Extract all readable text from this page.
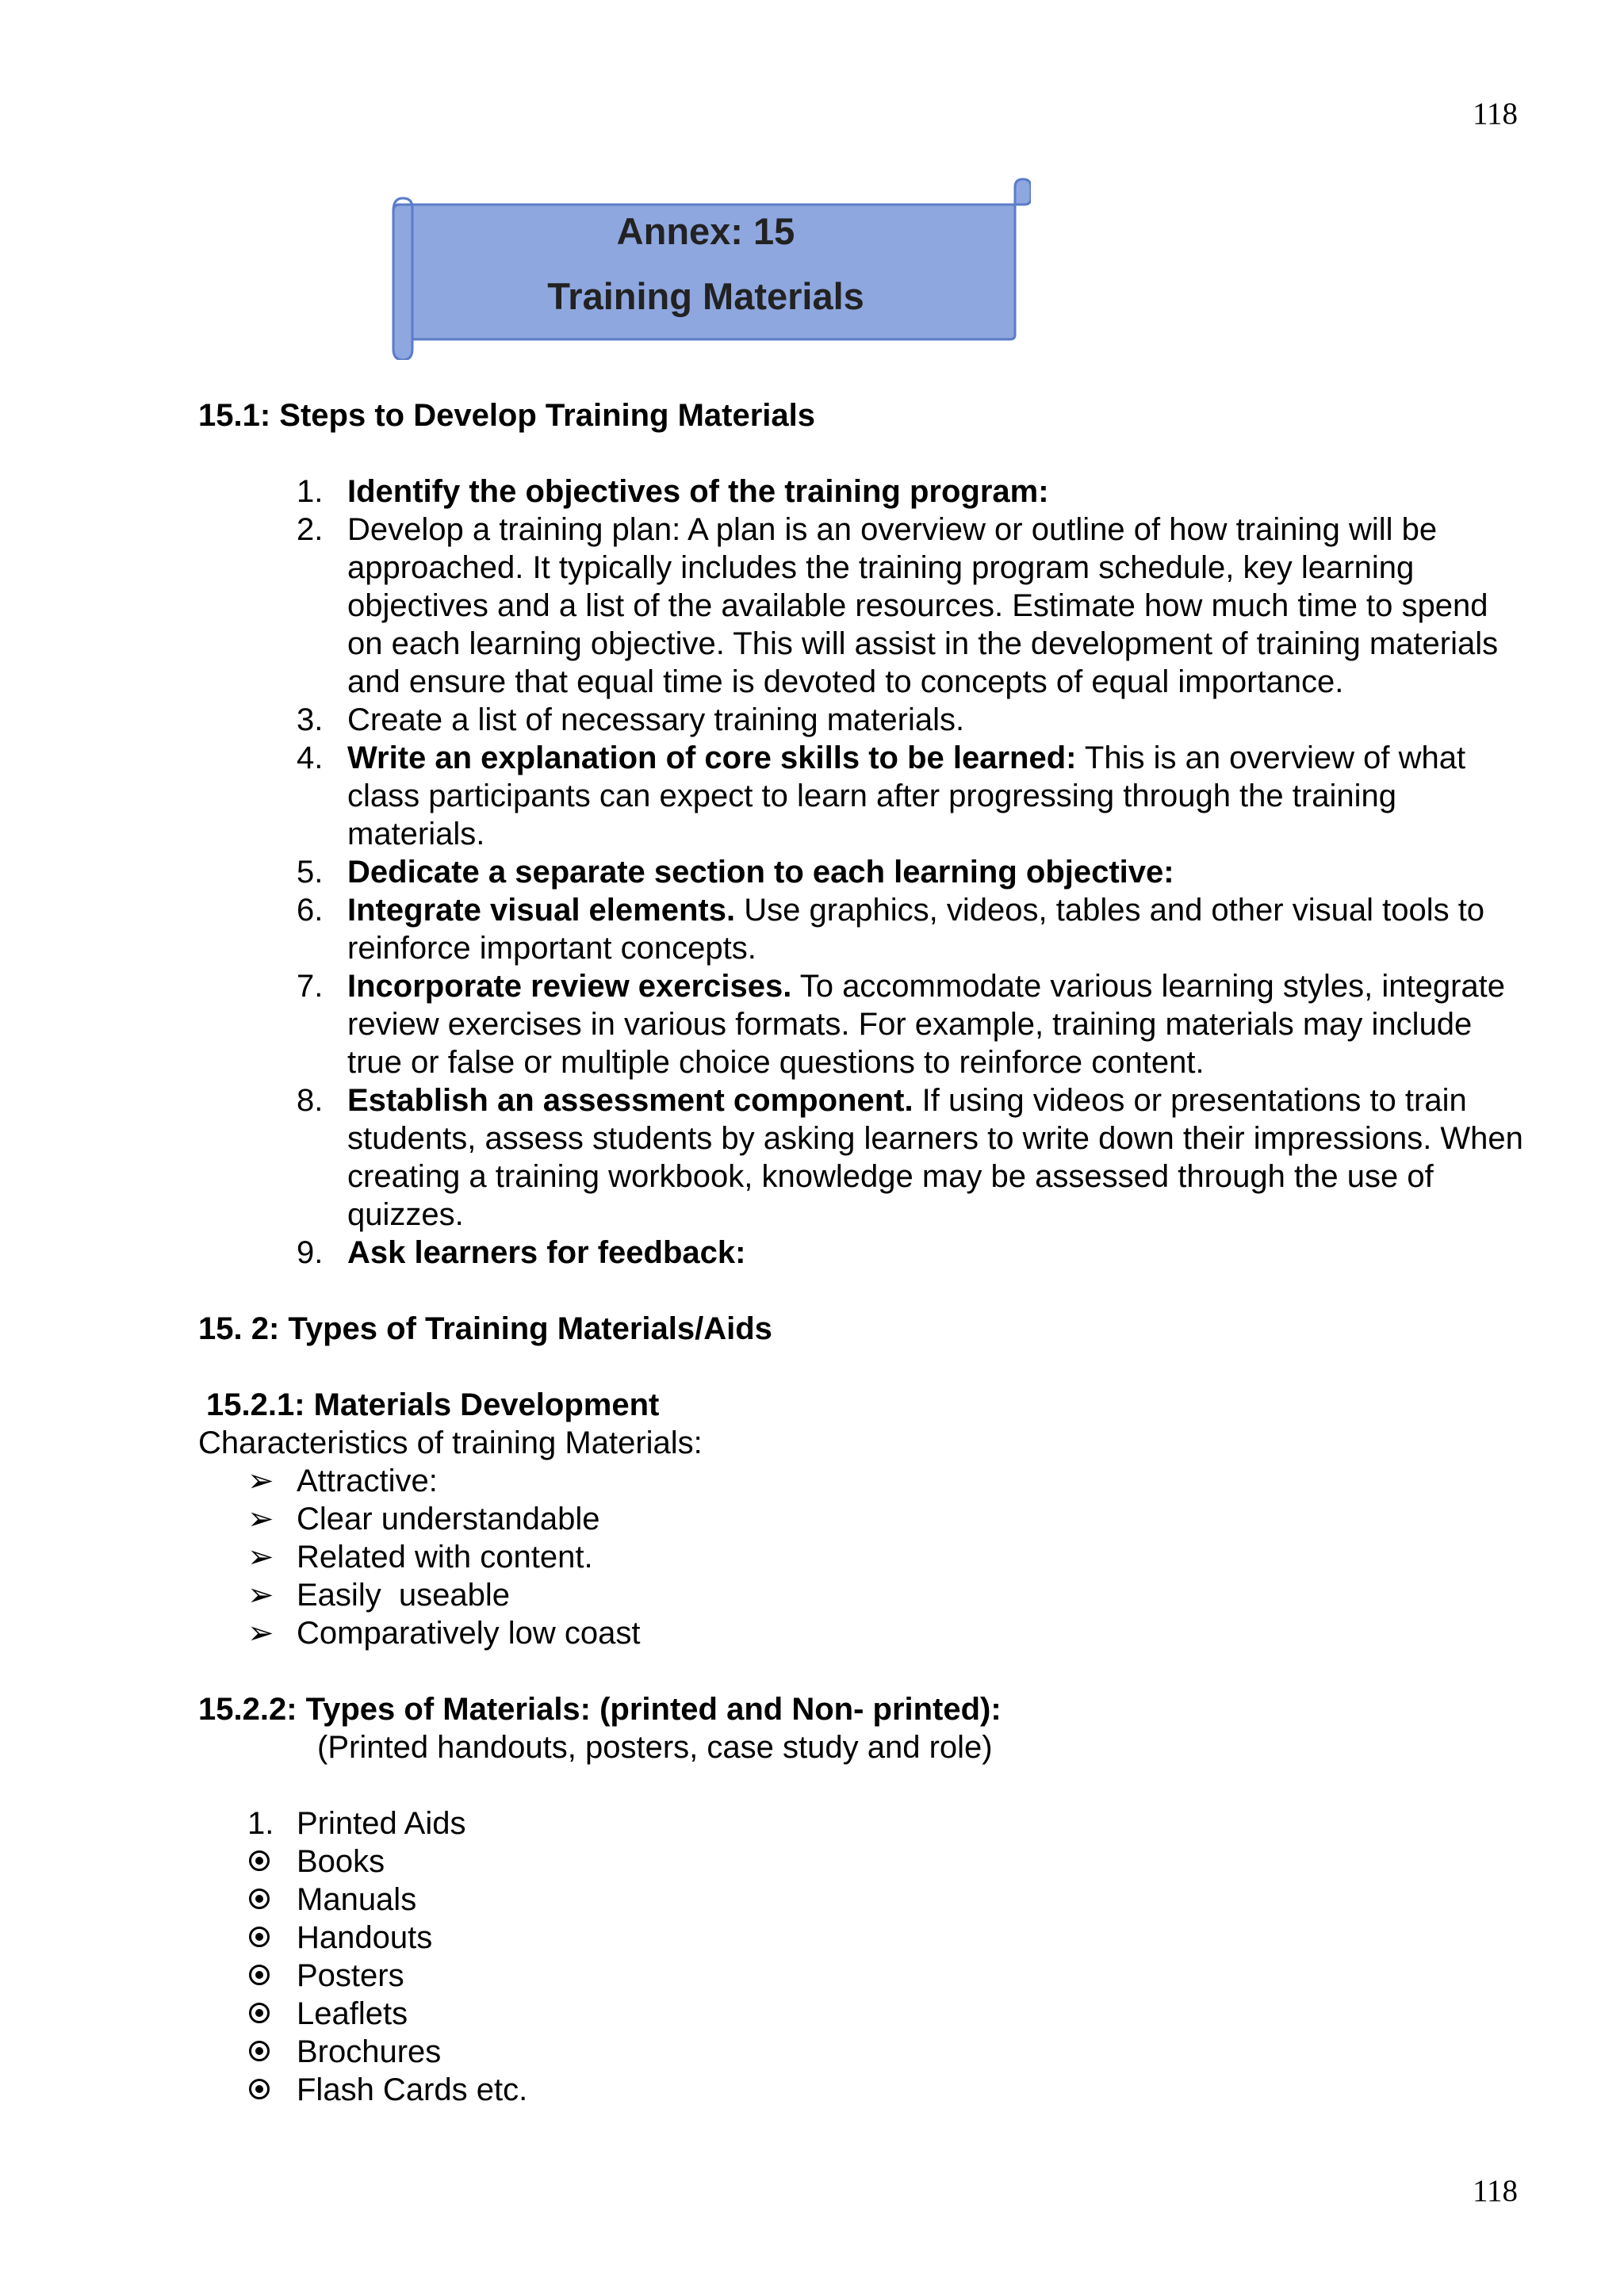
118
Annex: 15
Training Materials
15.1: Steps to Develop Training Materials
1. Identify the objectives of the training program:
2. Develop a training plan: A plan is an overview or outline of how training will be approached. It typically includes the training program schedule, key learning objectives and a list of the available resources. Estimate how much time to spend on each learning objective. This will assist in the development of training materials and ensure that equal time is devoted to concepts of equal importance.
3. Create a list of necessary training materials.
4. Write an explanation of core skills to be learned: This is an overview of what class participants can expect to learn after progressing through the training materials.
5. Dedicate a separate section to each learning objective:
6. Integrate visual elements. Use graphics, videos, tables and other visual tools to reinforce important concepts.
7. Incorporate review exercises. To accommodate various learning styles, integrate review exercises in various formats. For example, training materials may include true or false or multiple choice questions to reinforce content.
8. Establish an assessment component. If using videos or presentations to train students, assess students by asking learners to write down their impressions. When creating a training workbook, knowledge may be assessed through the use of quizzes.
9. Ask learners for feedback:
15. 2: Types of Training Materials/Aids
15.2.1: Materials Development
Characteristics of training Materials:
➢ Attractive:
➢ Clear understandable
➢ Related with content.
➢ Easily  useable
➢ Comparatively low coast
15.2.2: Types of Materials: (printed and Non- printed):
(Printed handouts, posters, case study and role)
1. Printed Aids
Books
Manuals
Handouts
Posters
Leaflets
Brochures
Flash Cards etc.
118
